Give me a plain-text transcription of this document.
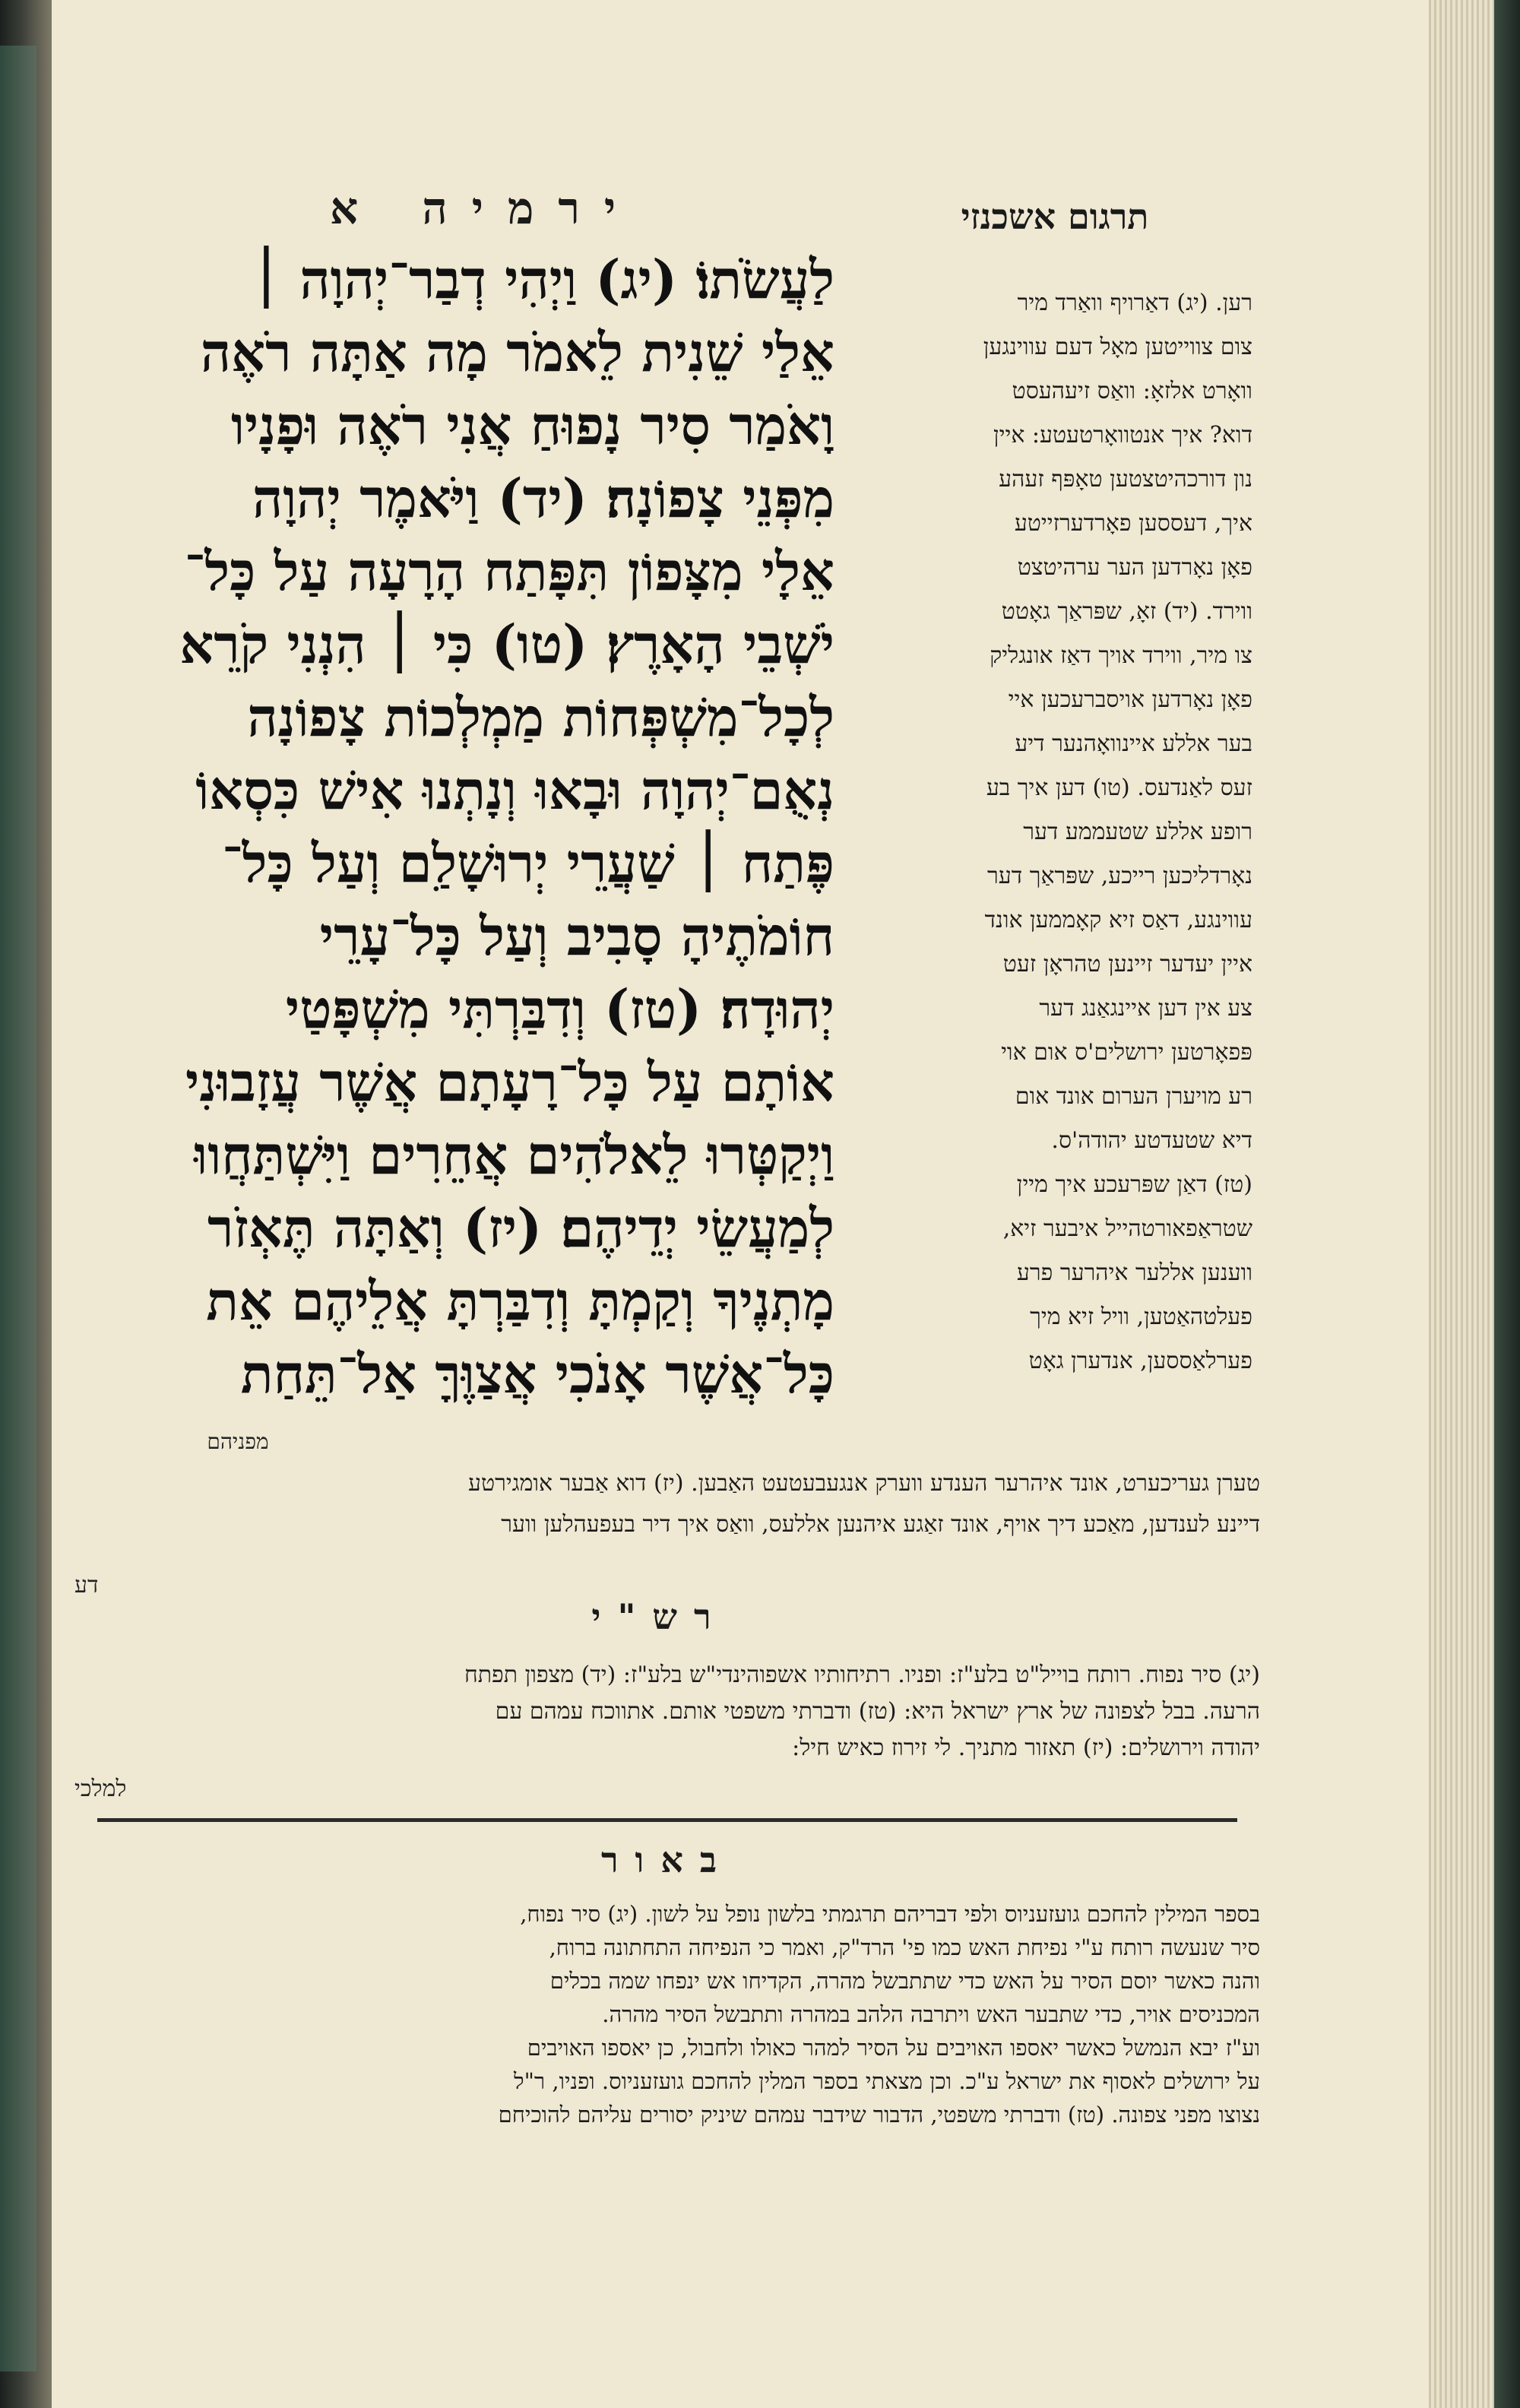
תרגום אשכנזי
ירמיה א
לַעֲשֹׂתוֹ׃ (יג) וַיְהִי דְבַר־יְהוָה ׀
אֵלַי שֵׁנִית לֵאמֹר מָה אַתָּה רֹאֶה
וָאֹמַר סִיר נָפוּחַ אֲנִי רֹאֶה וּפָנָיו
מִפְּנֵי צָפוֹנָה׃ (יד) וַיֹּאמֶר יְהוָה
אֵלָי מִצָּפוֹן תִּפָּתַח הָרָעָה עַל כָּל־
יֹשְׁבֵי הָאָרֶץ׃ (טו) כִּי ׀ הִנְנִי קֹרֵא
לְכָל־מִשְׁפְּחוֹת מַמְלְכוֹת צָפוֹנָה
נְאֻם־יְהוָה וּבָאוּ וְנָתְנוּ אִישׁ כִּסְאוֹ
פֶּתַח ׀ שַׁעֲרֵי יְרוּשָׁלַ͏ִם וְעַל כָּל־
חוֹמֹתֶיהָ סָבִיב וְעַל כָּל־עָרֵי
יְהוּדָה׃ (טז) וְדִבַּרְתִּי מִשְׁפָּטַי
אוֹתָם עַל כָּל־רָעָתָם אֲשֶׁר עֲזָבוּנִי
וַיְקַטְּרוּ לֵאלֹהִים אֲחֵרִים וַיִּשְׁתַּחֲווּ
לְמַעֲשֵׂי יְדֵיהֶם׃ (יז) וְאַתָּה תֶּאְזֹר
מָתְנֶיךָ וְקַמְתָּ וְדִבַּרְתָּ אֲלֵיהֶם אֵת
כָּל־אֲשֶׁר אָנֹכִי אֲצַוֶּךָּ אַל־תֵּחַת
רען. (יג) דאַרויף וואַרד מיר
צום צווייטען מאָל דעם עווינגען
וואָרט אלזאָ: וואַס זיעהעסט
דוא? איך אנטוואָרטעטע: איין
נון דורכהיטצטען טאָפּף זעהע
איך, דעססען פאָרדערזייטע
פאָן נאָרדען הער ערהיטצט
ווירד. (יד) זאָ, שפּראַך גאָטט
צו מיר, ווירד אויך דאַז אונגליק
פאָן נאָרדען אויסברעכען איי
בער אללע איינוואָהנער דיע
זעס לאַנדעס. (טו) דען איך בע
רופע אללע שטעממע דער
נאָרדליכען רייכע, שפּראַך דער
עווינגע, דאַס זיא קאָממען אונד
איין יעדער זיינען טהראָן זעט
צע אין דען איינגאַנג דער
פּפאָרטען ירושלים'ס אום אוי
רע מויערן הערום אונד אום
דיא שטעדטע יהודה'ס.
(טז) דאַן שפּרעכע איך מיין
שטראַפאורטהייל איבער זיא,
ווענען אללער איהרער פרע
פעלטהאַטען, וויל זיא מיך
פערלאַססען, אנדערן גאָט
מפניהם
טערן געריכערט, אונד איהרער הענדע ווערק אנגעבעטעט האַבען. (יז) דוא אַבער אומגירטע
דיינע לענדען, מאַכע דיך אויף, אונד זאַגע איהנען אללעס, וואַס איך דיר בעפעהלען ווער
דע
רש"י
(יג) סיר נפוח. רותח בוייל"ט בלע"ז: ופניו. רתיחותיו אשפוהינדי"ש בלע"ז: (יד) מצפון תפתח
הרעה. בבל לצפונה של ארץ ישראל היא: (טז) ודברתי משפטי אותם. אתווכח עמהם עם
יהודה וירושלים: (יז) תאזור מתניך. לי זירוז כאיש חיל:
למלכי
באור
בספר המילין להחכם גועזעניוס ולפי דבריהם תרגמתי בלשון נופל על לשון. (יג) סיר נפוח,
סיר שנעשה רותח ע"י נפיחת האש כמו פי' הרד"ק, ואמר כי הנפיחה התחתונה ברוח,
והנה כאשר יוסם הסיר על האש כדי שתתבשל מהרה, הקדיחו אש ינפחו שמה בכלים
המכניסים אויר, כדי שתבער האש ויתרבה הלהב במהרה ותתבשל הסיר מהרה.
וע"ז יבא הנמשל כאשר יאספו האויבים על הסיר למהר כאולו ולחבול, כן יאספו האויבים
על ירושלים לאסוף את ישראל ע"כ. וכן מצאתי בספר המלין להחכם גועזעניוס. ופניו, ר"ל
נצוצו מפני צפונה. (טז) ודברתי משפטי, הדבור שידבר עמהם שיניק יסורים עליהם להוכיחם
